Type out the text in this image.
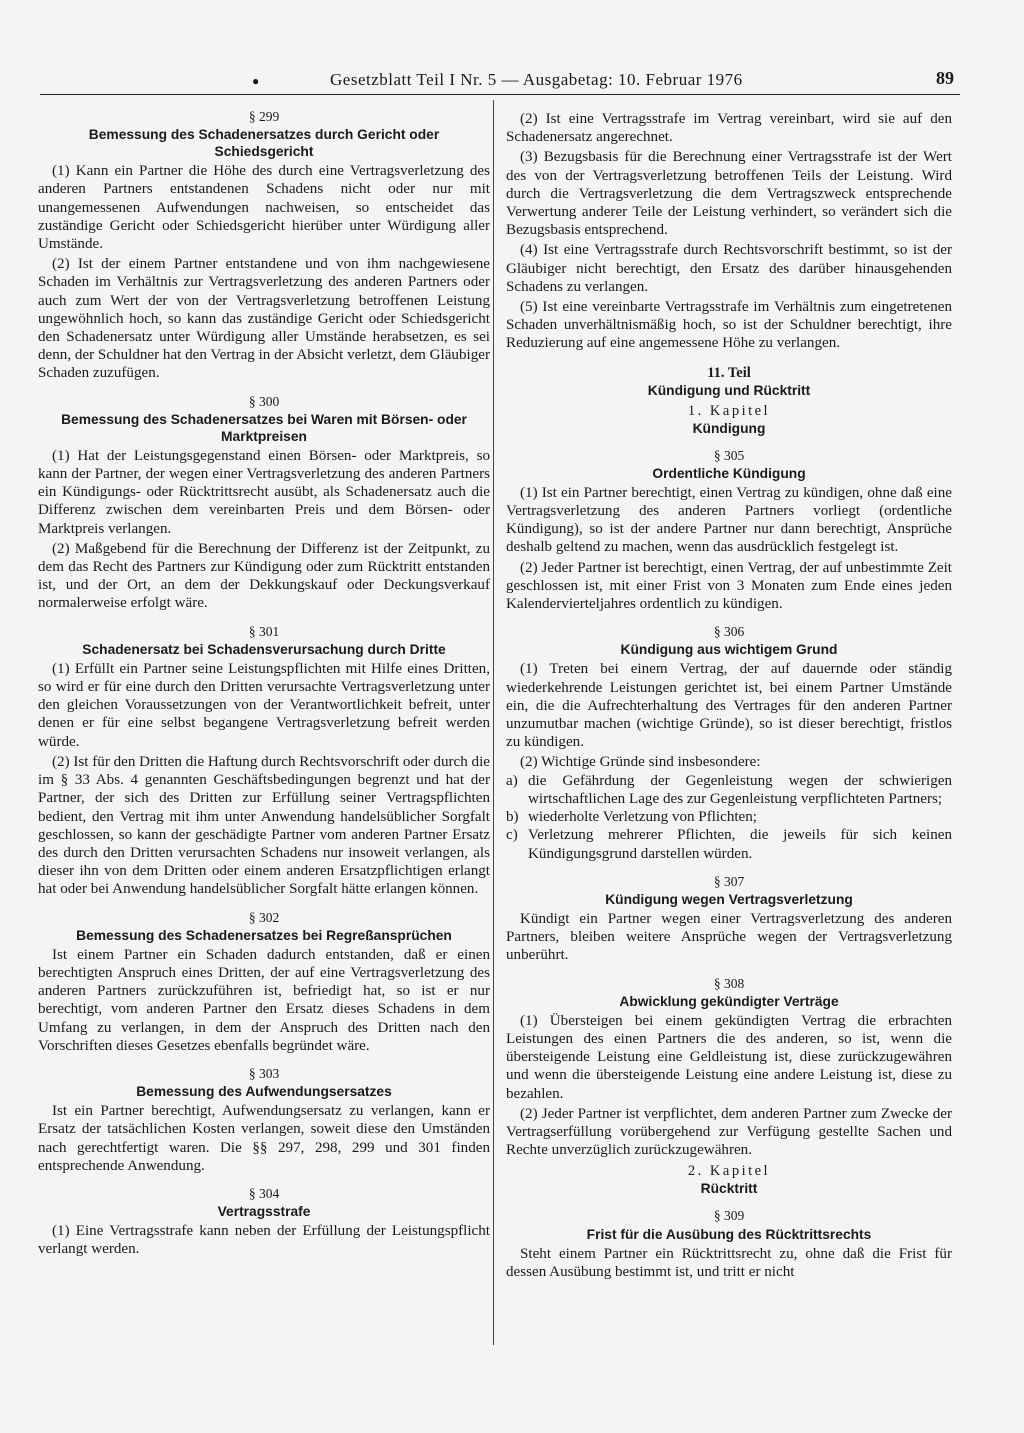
●	Gesetzblatt Teil I Nr. 5 — Ausgabetag: 10. Februar 1976	89
§ 299
Bemessung des Schadenersatzes durch Gericht oder Schiedsgericht
(1) Kann ein Partner die Höhe des durch eine Vertragsverletzung des anderen Partners entstandenen Schadens nicht oder nur mit unangemessenen Aufwendungen nachweisen, so entscheidet das zuständige Gericht oder Schiedsgericht hierüber unter Würdigung aller Umstände.
(2) Ist der einem Partner entstandene und von ihm nachgewiesene Schaden im Verhältnis zur Vertragsverletzung des anderen Partners oder auch zum Wert der von der Vertragsverletzung betroffenen Leistung ungewöhnlich hoch, so kann das zuständige Gericht oder Schiedsgericht den Schadenersatz unter Würdigung aller Umstände herabsetzen, es sei denn, der Schuldner hat den Vertrag in der Absicht verletzt, dem Gläubiger Schaden zuzufügen.
§ 300
Bemessung des Schadenersatzes bei Waren mit Börsen- oder Marktpreisen
(1) Hat der Leistungsgegenstand einen Börsen- oder Marktpreis, so kann der Partner, der wegen einer Vertragsverletzung des anderen Partners ein Kündigungs- oder Rücktrittsrecht ausübt, als Schadenersatz auch die Differenz zwischen dem vereinbarten Preis und dem Börsen- oder Marktpreis verlangen.
(2) Maßgebend für die Berechnung der Differenz ist der Zeitpunkt, zu dem das Recht des Partners zur Kündigung oder zum Rücktritt entstanden ist, und der Ort, an dem der Dekkungskauf oder Deckungsverkauf normalerweise erfolgt wäre.
§ 301
Schadenersatz bei Schadensverursachung durch Dritte
(1) Erfüllt ein Partner seine Leistungspflichten mit Hilfe eines Dritten, so wird er für eine durch den Dritten verursachte Vertragsverletzung unter den gleichen Voraussetzungen von der Verantwortlichkeit befreit, unter denen er für eine selbst begangene Vertragsverletzung befreit werden würde.
(2) Ist für den Dritten die Haftung durch Rechtsvorschrift oder durch die im § 33 Abs. 4 genannten Geschäftsbedingungen begrenzt und hat der Partner, der sich des Dritten zur Erfüllung seiner Vertragspflichten bedient, den Vertrag mit ihm unter Anwendung handelsüblicher Sorgfalt geschlossen, so kann der geschädigte Partner vom anderen Partner Ersatz des durch den Dritten verursachten Schadens nur insoweit verlangen, als dieser ihn von dem Dritten oder einem anderen Ersatzpflichtigen erlangt hat oder bei Anwendung handelsüblicher Sorgfalt hätte erlangen können.
§ 302
Bemessung des Schadenersatzes bei Regreßansprüchen
Ist einem Partner ein Schaden dadurch entstanden, daß er einen berechtigten Anspruch eines Dritten, der auf eine Vertragsverletzung des anderen Partners zurückzuführen ist, befriedigt hat, so ist er nur berechtigt, vom anderen Partner den Ersatz dieses Schadens in dem Umfang zu verlangen, in dem der Anspruch des Dritten nach den Vorschriften dieses Gesetzes ebenfalls begründet wäre.
§ 303
Bemessung des Aufwendungsersatzes
Ist ein Partner berechtigt, Aufwendungsersatz zu verlangen, kann er Ersatz der tatsächlichen Kosten verlangen, soweit diese den Umständen nach gerechtfertigt waren. Die §§ 297, 298, 299 und 301 finden entsprechende Anwendung.
§ 304
Vertragsstrafe
(1) Eine Vertragsstrafe kann neben der Erfüllung der Leistungspflicht verlangt werden.
(2) Ist eine Vertragsstrafe im Vertrag vereinbart, wird sie auf den Schadenersatz angerechnet.
(3) Bezugsbasis für die Berechnung einer Vertragsstrafe ist der Wert des von der Vertragsverletzung betroffenen Teils der Leistung. Wird durch die Vertragsverletzung die dem Vertragszweck entsprechende Verwertung anderer Teile der Leistung verhindert, so verändert sich die Bezugsbasis entsprechend.
(4) Ist eine Vertragsstrafe durch Rechtsvorschrift bestimmt, so ist der Gläubiger nicht berechtigt, den Ersatz des darüber hinausgehenden Schadens zu verlangen.
(5) Ist eine vereinbarte Vertragsstrafe im Verhältnis zum eingetretenen Schaden unverhältnismäßig hoch, so ist der Schuldner berechtigt, ihre Reduzierung auf eine angemessene Höhe zu verlangen.
11. Teil
Kündigung und Rücktritt
1. Kapitel
Kündigung
§ 305
Ordentliche Kündigung
(1) Ist ein Partner berechtigt, einen Vertrag zu kündigen, ohne daß eine Vertragsverletzung des anderen Partners vorliegt (ordentliche Kündigung), so ist der andere Partner nur dann berechtigt, Ansprüche deshalb geltend zu machen, wenn das ausdrücklich festgelegt ist.
(2) Jeder Partner ist berechtigt, einen Vertrag, der auf unbestimmte Zeit geschlossen ist, mit einer Frist von 3 Monaten zum Ende eines jeden Kalendervierteljahres ordentlich zu kündigen.
§ 306
Kündigung aus wichtigem Grund
(1) Treten bei einem Vertrag, der auf dauernde oder ständig wiederkehrende Leistungen gerichtet ist, bei einem Partner Umstände ein, die die Aufrechterhaltung des Vertrages für den anderen Partner unzumutbar machen (wichtige Gründe), so ist dieser berechtigt, fristlos zu kündigen.
(2) Wichtige Gründe sind insbesondere:
a) die Gefährdung der Gegenleistung wegen der schwierigen wirtschaftlichen Lage des zur Gegenleistung verpflichteten Partners;
b) wiederholte Verletzung von Pflichten;
c) Verletzung mehrerer Pflichten, die jeweils für sich keinen Kündigungsgrund darstellen würden.
§ 307
Kündigung wegen Vertragsverletzung
Kündigt ein Partner wegen einer Vertragsverletzung des anderen Partners, bleiben weitere Ansprüche wegen der Vertragsverletzung unberührt.
§ 308
Abwicklung gekündigter Verträge
(1) Übersteigen bei einem gekündigten Vertrag die erbrachten Leistungen des einen Partners die des anderen, so ist, wenn die übersteigende Leistung eine Geldleistung ist, diese zurückzugewähren und wenn die übersteigende Leistung eine andere Leistung ist, diese zu bezahlen.
(2) Jeder Partner ist verpflichtet, dem anderen Partner zum Zwecke der Vertragserfüllung vorübergehend zur Verfügung gestellte Sachen und Rechte unverzüglich zurückzugewähren.
2. Kapitel
Rücktritt
§ 309
Frist für die Ausübung des Rücktrittsrechts
Steht einem Partner ein Rücktrittsrecht zu, ohne daß die Frist für dessen Ausübung bestimmt ist, und tritt er nicht
